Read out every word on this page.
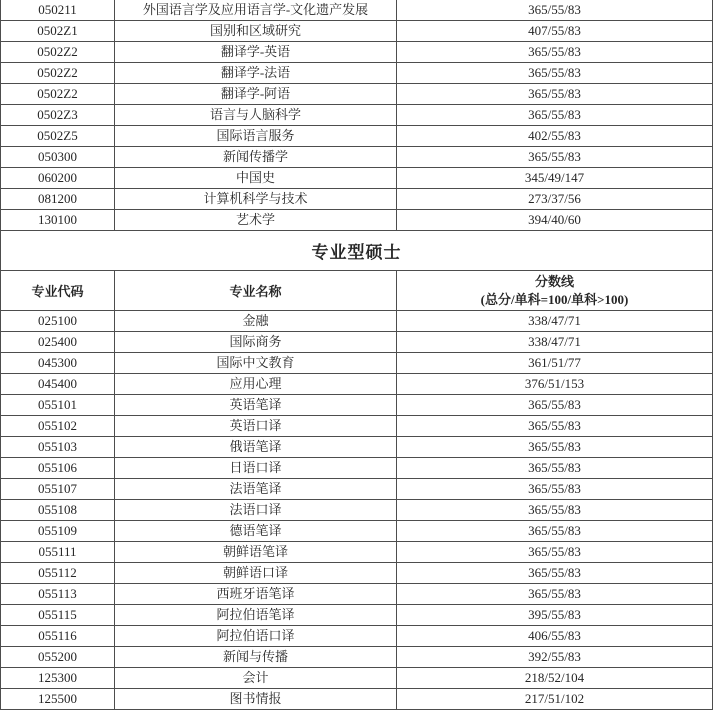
050211	外国语言学及应用语言学-文化遗产发展	365/55/83
0502Z1	国别和区域研究	407/55/83
0502Z2	翻译学-英语	365/55/83
0502Z2	翻译学-法语	365/55/83
0502Z2	翻译学-阿语	365/55/83
0502Z3	语言与人脑科学	365/55/83
0502Z5	国际语言服务	402/55/83
050300	新闻传播学	365/55/83
060200	中国史	345/49/147
081200	计算机科学与技术	273/37/56
130100	艺术学	394/40/60
专业型硕士		
专业代码	专业名称	分数线
(总分/单科=100/单科>100)

025100	金融	338/47/71
025400	国际商务	338/47/71
045300	国际中文教育	361/51/77
045400	应用心理	376/51/153
055101	英语笔译	365/55/83
055102	英语口译	365/55/83
055103	俄语笔译	365/55/83
055106	日语口译	365/55/83
055107	法语笔译	365/55/83
055108	法语口译	365/55/83
055109	德语笔译	365/55/83
055111	朝鲜语笔译	365/55/83
055112	朝鲜语口译	365/55/83
055113	西班牙语笔译	365/55/83
055115	阿拉伯语笔译	395/55/83
055116	阿拉伯语口译	406/55/83
055200	新闻与传播	392/55/83
125300	会计	218/52/104
125500	图书情报	217/51/102
